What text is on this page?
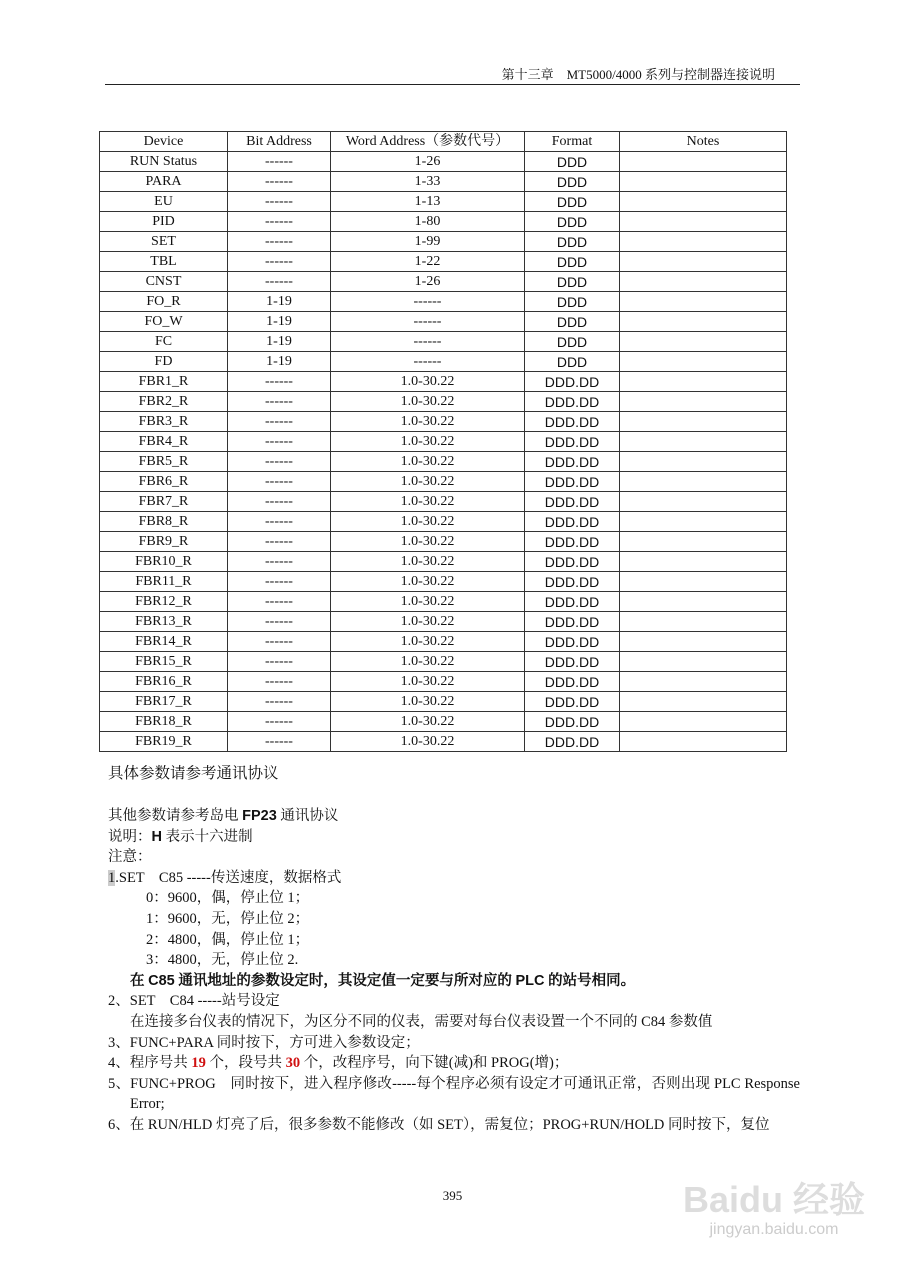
第十三章　MT5000/4000 系列与控制器连接说明
Device	Bit Address	Word Address（参数代号）	Format	Notes
RUN Status	------	1-26	DDD	
PARA	------	1-33	DDD	
EU	------	1-13	DDD	
PID	------	1-80	DDD	
SET	------	1-99	DDD	
TBL	------	1-22	DDD	
CNST	------	1-26	DDD	
FO_R	1-19	------	DDD	
FO_W	1-19	------	DDD	
FC	1-19	------	DDD	
FD	1-19	------	DDD	
FBR1_R	------	1.0-30.22	DDD.DD	
FBR2_R	------	1.0-30.22	DDD.DD	
FBR3_R	------	1.0-30.22	DDD.DD	
FBR4_R	------	1.0-30.22	DDD.DD	
FBR5_R	------	1.0-30.22	DDD.DD	
FBR6_R	------	1.0-30.22	DDD.DD	
FBR7_R	------	1.0-30.22	DDD.DD	
FBR8_R	------	1.0-30.22	DDD.DD	
FBR9_R	------	1.0-30.22	DDD.DD	
FBR10_R	------	1.0-30.22	DDD.DD	
FBR11_R	------	1.0-30.22	DDD.DD	
FBR12_R	------	1.0-30.22	DDD.DD	
FBR13_R	------	1.0-30.22	DDD.DD	
FBR14_R	------	1.0-30.22	DDD.DD	
FBR15_R	------	1.0-30.22	DDD.DD	
FBR16_R	------	1.0-30.22	DDD.DD	
FBR17_R	------	1.0-30.22	DDD.DD	
FBR18_R	------	1.0-30.22	DDD.DD	
FBR19_R	------	1.0-30.22	DDD.DD	
具体参数请参考通讯协议
其他参数请参考岛电 FP23 通讯协议
说明：H 表示十六进制
注意：
1.SET　C85 -----传送速度，数据格式
0：9600，偶，停止位 1；
1：9600，无，停止位 2；
2：4800，偶，停止位 1；
3：4800，无，停止位 2.
在 C85 通讯地址的参数设定时，其设定值一定要与所对应的 PLC 的站号相同。
2、SET　C84 -----站号设定
在连接多台仪表的情况下，为区分不同的仪表，需要对每台仪表设置一个不同的 C84 参数值
3、FUNC+PARA 同时按下，方可进入参数设定；
4、程序号共 19 个，段号共 30 个，改程序号，向下键(减)和 PROG(增)；
5、FUNC+PROG　同时按下，进入程序修改-----每个程序必须有设定才可通讯正常，否则出现 PLC Response Error;
6、在 RUN/HLD 灯亮了后，很多参数不能修改（如 SET），需复位；PROG+RUN/HOLD 同时按下，复位
395	Baidu 经验
jingyan.baidu.com
